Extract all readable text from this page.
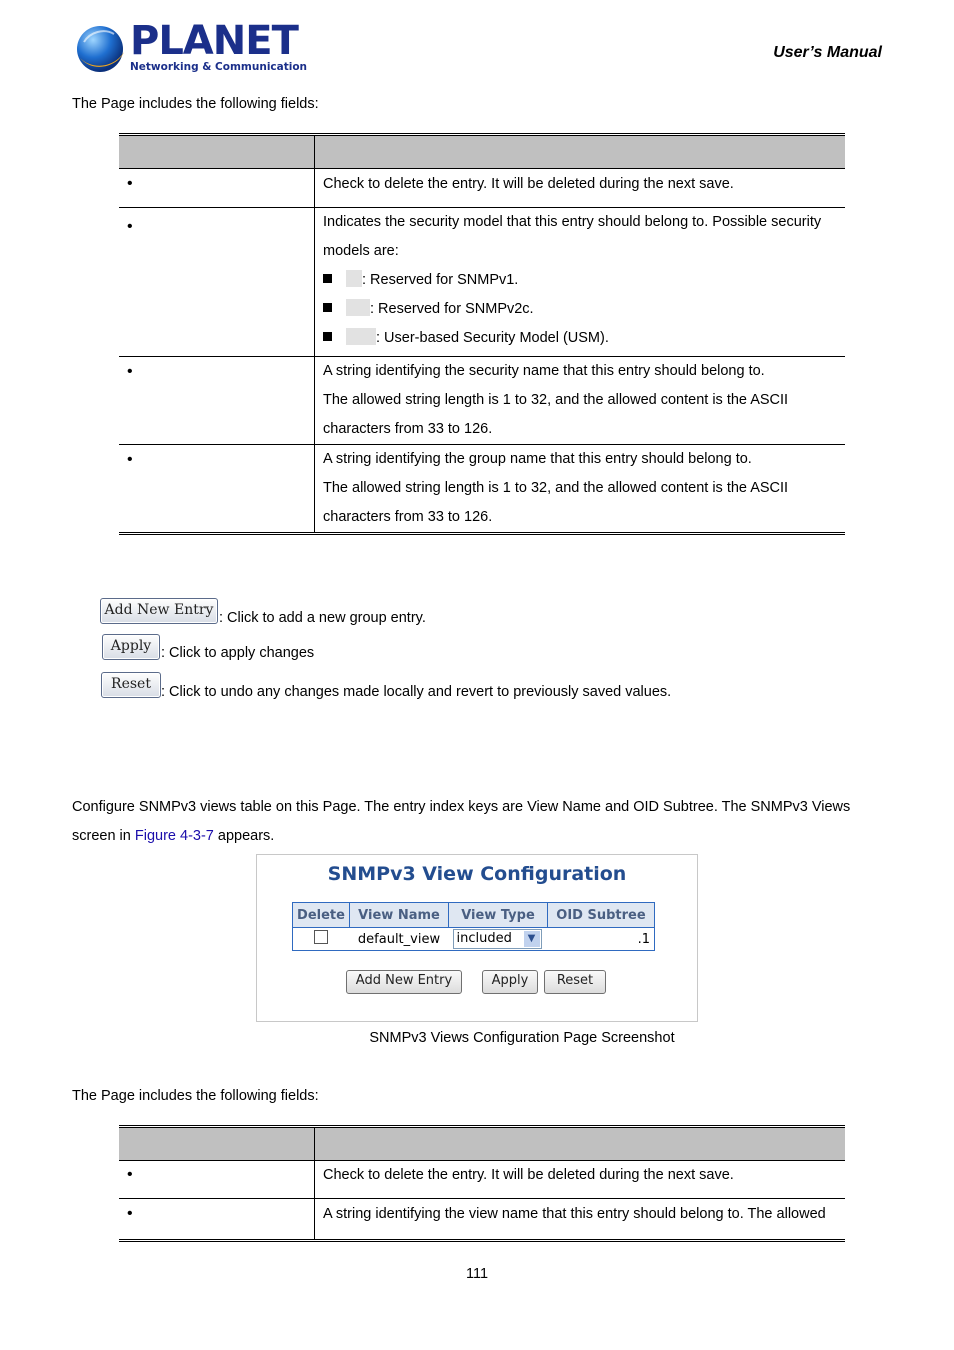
PLANET
Networking & Communication
User’s Manual
The Page includes the following fields:

•	Check to delete the entry. It will be deleted during the next save.
•	Indicates the security model that this entry should belong to. Possible security
models are:
: Reserved for SNMPv1.
: Reserved for SNMPv2c.
: User-based Security Model (USM).

•	A string identifying the security name that this entry should belong to.
The allowed string length is 1 to 32, and the allowed content is the ASCII
characters from 33 to 126.

•	A string identifying the group name that this entry should belong to.
The allowed string length is 1 to 32, and the allowed content is the ASCII
characters from 33 to 126.
Add New Entry : Click to add a new group entry.
Apply : Click to apply changes
Reset : Click to undo any changes made locally and revert to previously saved values.
Configure SNMPv3 views table on this Page. The entry index keys are View Name and OID Subtree. The SNMPv3 Views
screen in Figure 4-3-7 appears.
SNMPv3 View Configuration
Delete	View Name	View Type	OID Subtree
	default_view	included ▼	.1
Add New Entry	Apply	Reset
SNMPv3 Views Configuration Page Screenshot
The Page includes the following fields:

•	Check to delete the entry. It will be deleted during the next save.
•	A string identifying the view name that this entry should belong to. The allowed
111
